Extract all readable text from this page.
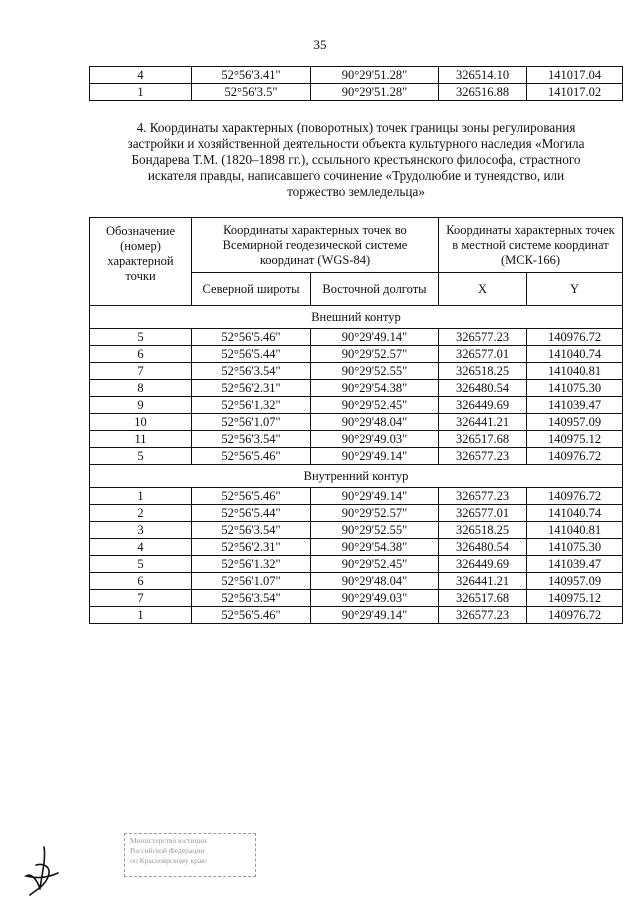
35
4	52°56'3.41"	90°29'51.28"	326514.10	141017.04
1	52°56'3.5"	90°29'51.28"	326516.88	141017.02
4. Координаты характерных (поворотных) точек границы зоны регулирования
застройки и хозяйственной деятельности объекта культурного наследия «Могила
Бондарева Т.М. (1820–1898 гг.), ссыльного крестьянского философа, страстного
искателя правды, написавшего сочинение «Трудолюбие и тунеядство, или
торжество земледельца»
Обозначение (номер) характерной точки	Координаты характерных точек во Всемирной геодезической системе координат (WGS-84)		Координаты характерных точек в местной системе координат (МСК-166)	
	Северной широты	Восточной долготы	X	Y
Внешний контур				
5	52°56'5.46"	90°29'49.14"	326577.23	140976.72
6	52°56'5.44"	90°29'52.57"	326577.01	141040.74
7	52°56'3.54"	90°29'52.55"	326518.25	141040.81
8	52°56'2.31"	90°29'54.38"	326480.54	141075.30
9	52°56'1.32"	90°29'52.45"	326449.69	141039.47
10	52°56'1.07"	90°29'48.04"	326441.21	140957.09
11	52°56'3.54"	90°29'49.03"	326517.68	140975.12
5	52°56'5.46"	90°29'49.14"	326577.23	140976.72
Внутренний контур				
1	52°56'5.46"	90°29'49.14"	326577.23	140976.72
2	52°56'5.44"	90°29'52.57"	326577.01	141040.74
3	52°56'3.54"	90°29'52.55"	326518.25	141040.81
4	52°56'2.31"	90°29'54.38"	326480.54	141075.30
5	52°56'1.32"	90°29'52.45"	326449.69	141039.47
6	52°56'1.07"	90°29'48.04"	326441.21	140957.09
7	52°56'3.54"	90°29'49.03"	326517.68	140975.12
1	52°56'5.46"	90°29'49.14"	326577.23	140976.72
Министерство юстиции
Российской Федерации
по Красноярскому краю
